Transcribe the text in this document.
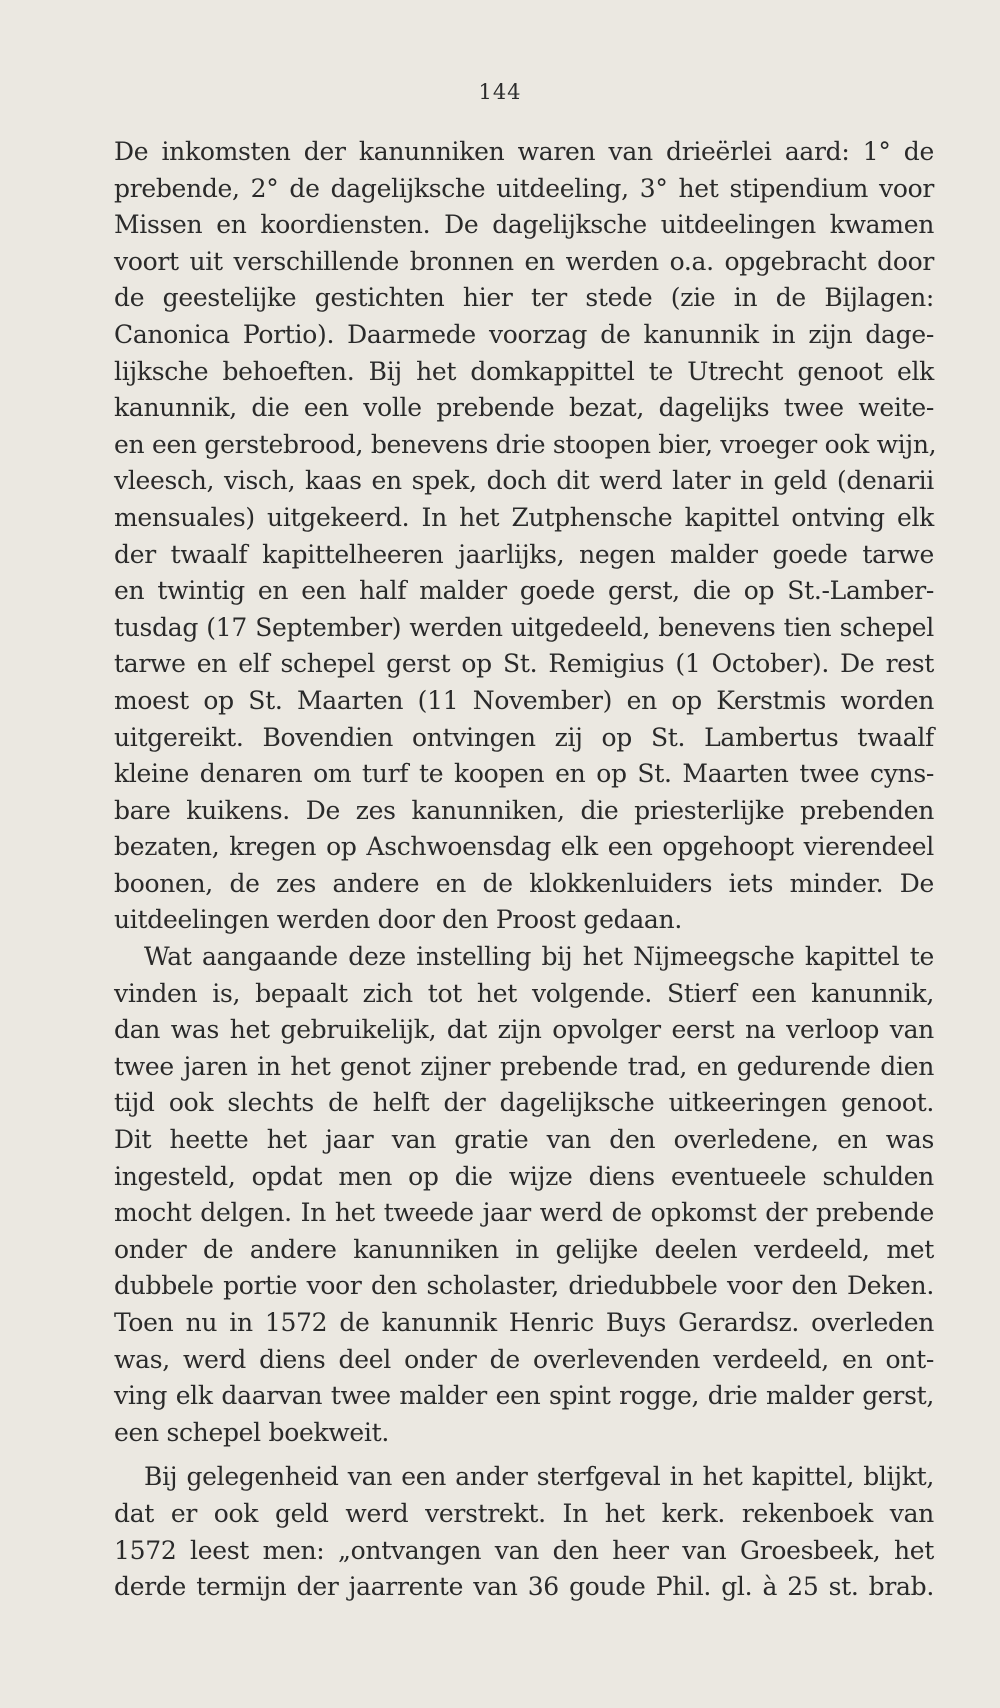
144
De inkomsten der kanunniken waren van drieërlei aard: 1° de
prebende, 2° de dagelijksche uitdeeling, 3° het stipendium voor
Missen en koordiensten. De dagelijksche uitdeelingen kwamen
voort uit verschillende bronnen en werden o.a. opgebracht door
de geestelijke gestichten hier ter stede (zie in de Bijlagen:
Canonica Portio). Daarmede voorzag de kanunnik in zijn dage-
lijksche behoeften. Bij het domkappittel te Utrecht genoot elk
kanunnik, die een volle prebende bezat, dagelijks twee weite-
en een gerstebrood, benevens drie stoopen bier, vroeger ook wijn,
vleesch, visch, kaas en spek, doch dit werd later in geld (denarii
mensuales) uitgekeerd. In het Zutphensche kapittel ontving elk
der twaalf kapittelheeren jaarlijks, negen malder goede tarwe
en twintig en een half malder goede gerst, die op St.-Lamber-
tusdag (17 September) werden uitgedeeld, benevens tien schepel
tarwe en elf schepel gerst op St. Remigius (1 October). De rest
moest op St. Maarten (11 November) en op Kerstmis worden
uitgereikt. Bovendien ontvingen zij op St. Lambertus twaalf
kleine denaren om turf te koopen en op St. Maarten twee cyns-
bare kuikens. De zes kanunniken, die priesterlijke prebenden
bezaten, kregen op Aschwoensdag elk een opgehoopt vierendeel
boonen, de zes andere en de klokkenluiders iets minder. De
uitdeelingen werden door den Proost gedaan.
Wat aangaande deze instelling bij het Nijmeegsche kapittel te
vinden is, bepaalt zich tot het volgende. Stierf een kanunnik,
dan was het gebruikelijk, dat zijn opvolger eerst na verloop van
twee jaren in het genot zijner prebende trad, en gedurende dien
tijd ook slechts de helft der dagelijksche uitkeeringen genoot.
Dit heette het jaar van gratie van den overledene, en was
ingesteld, opdat men op die wijze diens eventueele schulden
mocht delgen. In het tweede jaar werd de opkomst der prebende
onder de andere kanunniken in gelijke deelen verdeeld, met
dubbele portie voor den scholaster, driedubbele voor den Deken.
Toen nu in 1572 de kanunnik Henric Buys Gerardsz. overleden
was, werd diens deel onder de overlevenden verdeeld, en ont-
ving elk daarvan twee malder een spint rogge, drie malder gerst,
een schepel boekweit.
Bij gelegenheid van een ander sterfgeval in het kapittel, blijkt,
dat er ook geld werd verstrekt. In het kerk. rekenboek van
1572 leest men: „ontvangen van den heer van Groesbeek, het
derde termijn der jaarrente van 36 goude Phil. gl. à 25 st. brab.
